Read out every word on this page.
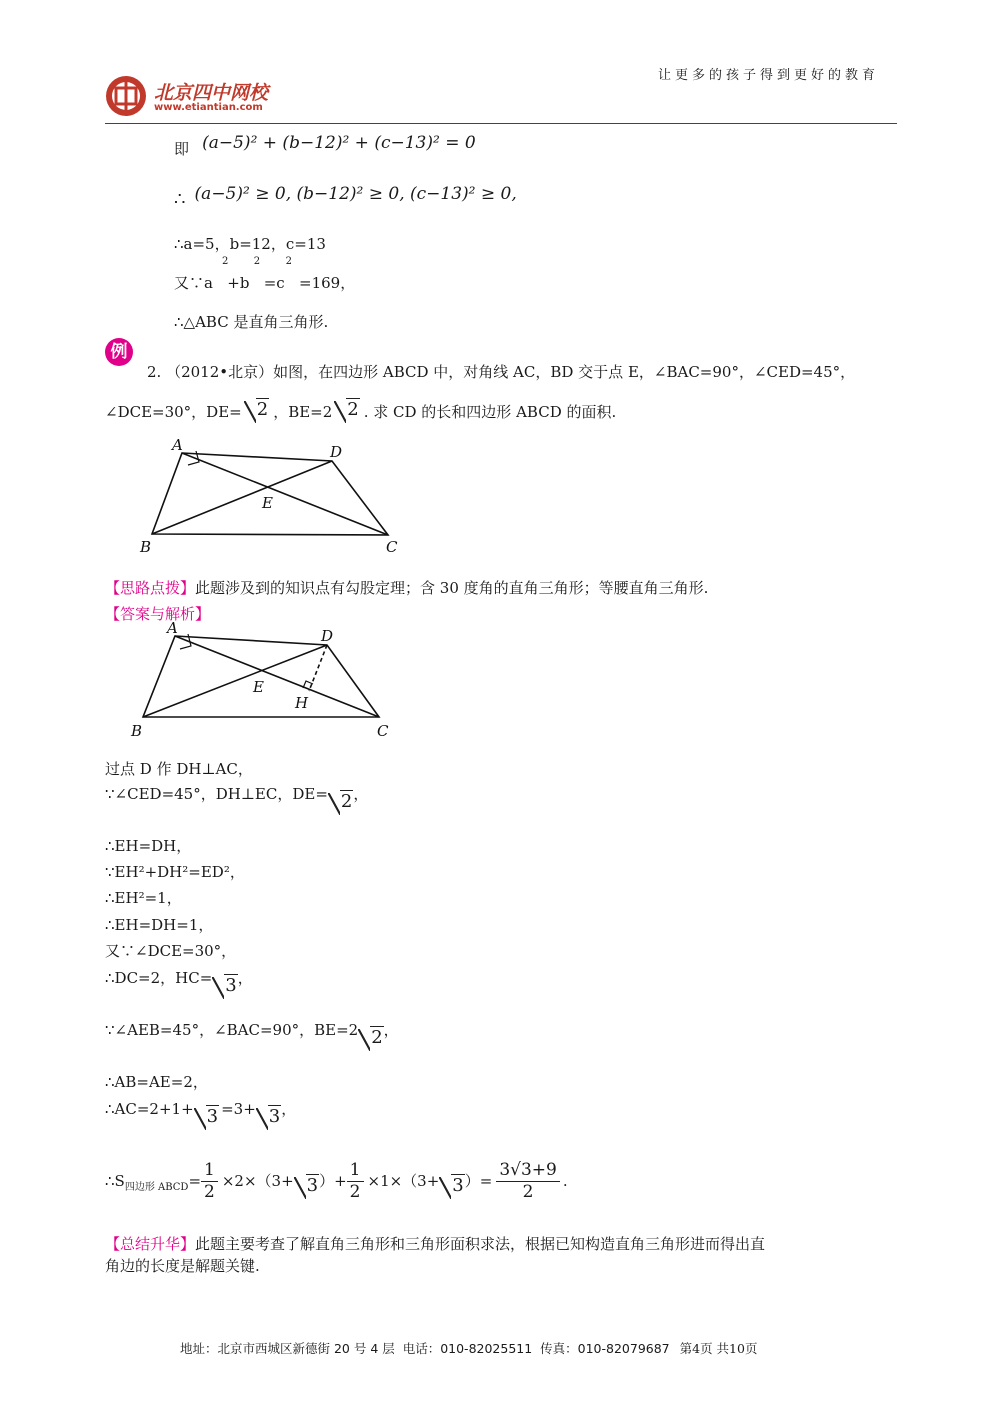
北京四中网校
www.etiantian.com
让更多的孩子得到更好的教育
即 (a−5)² + (b−12)² + (c−13)² = 0
∴ (a−5)² ≥ 0, (b−12)² ≥ 0, (c−13)² ≥ 0,
∴a=5，b=12，c=13
2        2        2
又∵a   +b   =c   =169，
∴△ABC 是直角三角形.
例
2. （2012•北京）如图，在四边形 ABCD 中，对角线 AC，BD 交于点 E，∠BAC=90°，∠CED=45°，
∠DCE=30°，DE= 2 ，BE=2 2 . 求 CD 的长和四边形 ABCD 的面积.
A	D
E
B	C
【思路点拨】此题涉及到的知识点有勾股定理；含 30 度角的直角三角形；等腰直角三角形.
【答案与解析】
A	D
E
H
B	C
过点 D 作 DH⊥AC，
∵∠CED=45°，DH⊥EC，DE= 2 ，
∴EH=DH，
∵EH²+DH²=ED²，
∴EH²=1，
∴EH=DH=1，
又∵∠DCE=30°，
∴DC=2，HC= 3 ，
∵∠AEB=45°，∠BAC=90°，BE=2 2 ，
∴AB=AE=2，
∴AC=2+1+ 3 =3+ 3 ，
∴S 四边形 ABCD = $\frac{1}{2} \times 2\times(3+ 3$ ）+ $\frac{1}{2} \times 1\times(3+ 3$ ）= $\frac{3√3+9}{2}$ .
【总结升华】此题主要考查了解直角三角形和三角形面积求法，根据已知构造直角三角形进而得出直
角边的长度是解题关键.
地址：北京市西城区新德街 20 号 4 层  电话：010-82025511  传真：010-82079687 第4页 共10页
